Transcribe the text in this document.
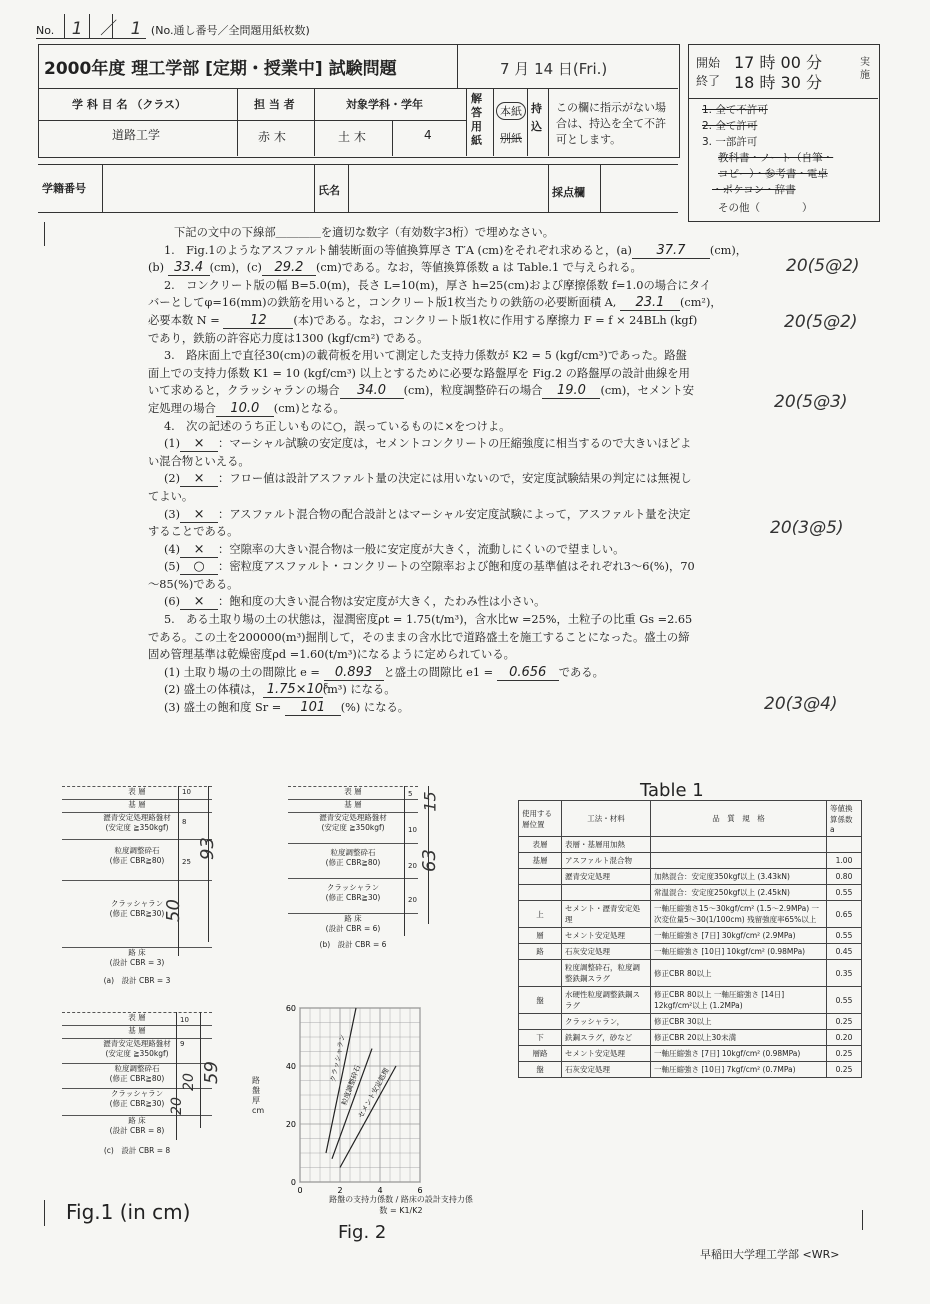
No. 1 ／ 1 (No.通し番号／全問題用紙枚数)
2000年度 理工学部 [定期・授業中] 試験問題	7 月 14 日(Fri.)
学 科 目 名 （クラス）
道路工学
担 当 者
赤 木
対象学科・学年
土 木	4
解答用紙
本紙
別紙
持込
この欄に指示がない場合は、持込を全て不許可とします。
開始
終了
17 時 00 分
18 時 30 分
実施
1. 全て不許可
2. 全て許可
3. 一部許可
教科書・ノート（自筆・
コピー）・参考書・電卓
・ポケコン・辞書
その他（　　　　）
学籍番号	氏名	採点欄

下記の文中の下線部＿＿＿＿を適切な数字（有効数字3桁）で埋めなさい。

1.　Fig.1のようなアスファルト舗装断面の等値換算厚さ T′A (cm)をそれぞれ求めると，(a) 37.7 (cm)，

(b) 33.4 (cm)，(c) 29.2 (cm)である。なお，等値換算係数 a は Table.1 で与えられる。

2.　コンクリート版の幅 B=5.0(m)，長さ L=10(m)，厚さ h=25(cm)および摩擦係数 f=1.0の場合にタイ

バーとしてφ=16(mm)の鉄筋を用いると，コンクリート版1枚当たりの鉄筋の必要断面積 A, 23.1 (cm²)，

必要本数 N = 12 (本)である。なお，コンクリート版1枚に作用する摩擦力 F = f × 24BLh (kgf)

であり，鉄筋の許容応力度は1300 (kgf/cm²) である。

3.　路床面上で直径30(cm)の載荷板を用いて測定した支持力係数が K2 = 5 (kgf/cm³)であった。路盤

面上での支持力係数 K1 = 10 (kgf/cm³) 以上とするために必要な路盤厚を Fig.2 の路盤厚の設計曲線を用

いて求めると，クラッシャランの場合 34.0 (cm)，粒度調整砕石の場合 19.0 (cm)，セメント安

定処理の場合 10.0 (cm)となる。

4.　次の記述のうち正しいものに○，誤っているものに×をつけよ。

(1) × ：マーシャル試験の安定度は，セメントコンクリートの圧縮強度に相当するので大きいほどよ

い混合物といえる。

(2) × ：フロー値は設計アスファルト量の決定には用いないので，安定度試験結果の判定には無視し

てよい。

(3) × ：アスファルト混合物の配合設計とはマーシャル安定度試験によって，アスファルト量を決定

することである。

(4) × ：空隙率の大きい混合物は一般に安定度が大きく，流動しにくいので望ましい。

(5) ○ ：密粒度アスファルト・コンクリートの空隙率および飽和度の基準値はそれぞれ3～6(%)，70

～85(%)である。

(6) × ：飽和度の大きい混合物は安定度が大きく，たわみ性は小さい。

5.　ある土取り場の土の状態は，湿潤密度ρt = 1.75(t/m³)，含水比w =25%，土粒子の比重 Gs =2.65

である。この土を200000(m³)掘削して，そのままの含水比で道路盛土を施工することになった。盛土の締

固め管理基準は乾燥密度ρd =1.60(t/m³)になるように定められている。

(1) 土取り場の土の間隙比 e = 0.893 と盛土の間隙比 e1 = 0.656 である。

(2) 盛土の体積は， 1.75×10⁵(m³) になる。

(3) 盛土の飽和度 Sr = 101 (%) になる。

20(5@2)
20(5@2)
20(5@3)
20(3@5)
20(3@4)
表 層
基 層
瀝青安定処理路盤材
(安定度 ≧350kgf)
粒度調整砕石
(修正 CBR≧80)
クラッシャラン
(修正 CBR≧30)
路 床
(設計 CBR = 3)
(a)　設計 CBR = 3
10
8
25
93
50
表 層
基 層
瀝青安定処理路盤材
(安定度 ≧350kgf)
粒度調整砕石
(修正 CBR≧80)
クラッシャラン
(修正 CBR≧30)
路 床
(設計 CBR = 6)
(b)　設計 CBR = 6
5
10
20
20
15
63
表 層
基 層
瀝青安定処理路盤材
(安定度 ≧350kgf)
粒度調整砕石
(修正 CBR≧80)
クラッシャラン
(修正 CBR≧30)
路 床
(設計 CBR = 8)
(c)　設計 CBR = 8
10
9
20
20
59
Fig.1 (in cm)
0	2	4	6
0
20
40
60
クラッシャラン
粒度調整砕石
セメント安定処理
路盤厚 cm
路盤の支持力係数 / 路床の設計支持力係数 = K1/K2
Fig. 2
Table 1
使用する層位置	工法・材料	品　質　規　格	等値換算係数 a
表層	表層・基層用加熱		
基層	アスファルト混合物		1.00
	瀝青安定処理	加熱混合：安定度350kgf以上 (3.43kN)	0.80
		常温混合：安定度250kgf以上 (2.45kN)	0.55
上	セメント・瀝青安定処理	一軸圧縮強さ15～30kgf/cm² (1.5～2.9MPa) 一次変位量5～30(1/100cm) 残留強度率65%以上	0.65
層	セメント安定処理	一軸圧縮強さ [7日] 30kgf/cm² (2.9MPa)	0.55
路	石灰安定処理	一軸圧縮強さ [10日] 10kgf/cm² (0.98MPa)	0.45
	粒度調整砕石，粒度調整鉄鋼スラグ	修正CBR 80以上	0.35
盤	水硬性粒度調整鉄鋼スラグ	修正CBR 80以上 一軸圧縮強さ [14日] 12kgf/cm²以上 (1.2MPa)	0.55
	クラッシャラン，	修正CBR 30以上	0.25
下	鉄鋼スラグ，砂など	修正CBR 20以上30未満	0.20
層路	セメント安定処理	一軸圧縮強さ [7日] 10kgf/cm² (0.98MPa)	0.25
盤	石灰安定処理	一軸圧縮強さ [10日] 7kgf/cm² (0.7MPa)	0.25
早稲田大学理工学部 <WR>
